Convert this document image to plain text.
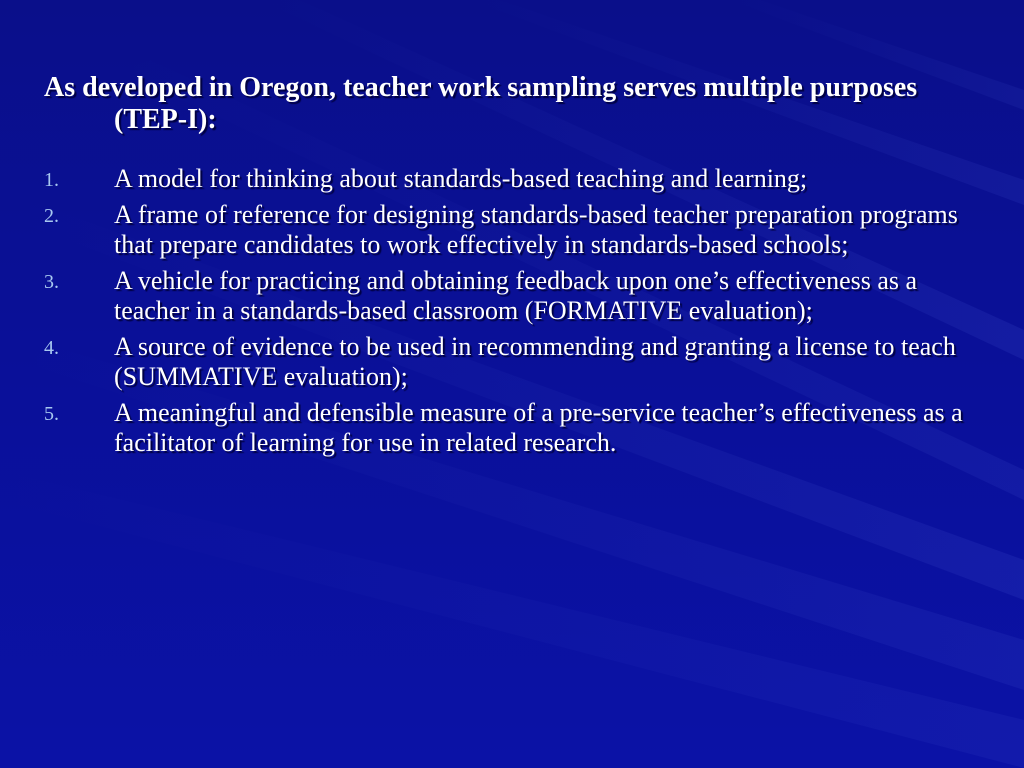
As developed in Oregon, teacher work sampling serves multiple purposes (TEP-I):
1. A model for thinking about standards-based teaching and learning;
2. A frame of reference for designing standards-based teacher preparation programs that prepare candidates to work effectively in standards-based schools;
3. A vehicle for practicing and obtaining feedback upon one’s effectiveness as a teacher in a standards-based classroom (FORMATIVE evaluation);
4. A source of evidence to be used in recommending and granting a license to teach (SUMMATIVE evaluation);
5. A meaningful and defensible measure of a pre-service teacher’s effectiveness as a facilitator of learning for use in related research.
